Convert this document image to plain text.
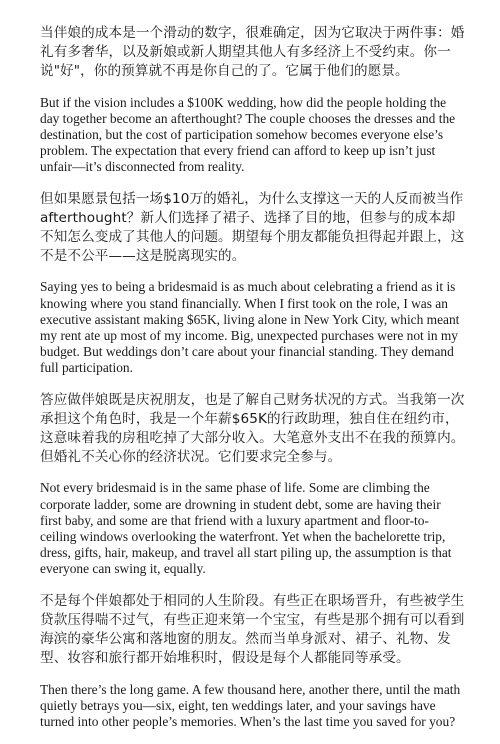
当伴娘的成本是一个滑动的数字，很难确定，因为它取决于两件事：婚礼有多奢华，以及新娘或新人期望其他人有多经济上不受约束。你一说"好"，你的预算就不再是你自己的了。它属于他们的愿景。

But if the vision includes a $100K wedding, how did the people holding the day together become an afterthought? The couple chooses the dresses and the destination, but the cost of participation somehow becomes everyone else’s problem. The expectation that every friend can afford to keep up isn’t just unfair—it’s disconnected from reality.

但如果愿景包括一场$10万的婚礼，为什么支撑这一天的人反而被当作afterthought？新人们选择了裙子、选择了目的地，但参与的成本却不知怎么变成了其他人的问题。期望每个朋友都能负担得起并跟上，这不是不公平——这是脱离现实的。

Saying yes to being a bridesmaid is as much about celebrating a friend as it is knowing where you stand financially. When I first took on the role, I was an executive assistant making $65K, living alone in New York City, which meant my rent ate up most of my income. Big, unexpected purchases were not in my budget. But weddings don’t care about your financial standing. They demand full participation.

答应做伴娘既是庆祝朋友，也是了解自己财务状况的方式。当我第一次承担这个角色时，我是一个年薪$65K的行政助理，独自住在纽约市，这意味着我的房租吃掉了大部分收入。大笔意外支出不在我的预算内。但婚礼不关心你的经济状况。它们要求完全参与。

Not every bridesmaid is in the same phase of life. Some are climbing the corporate ladder, some are drowning in student debt, some are having their first baby, and some are that friend with a luxury apartment and floor-to-ceiling windows overlooking the waterfront. Yet when the bachelorette trip, dress, gifts, hair, makeup, and travel all start piling up, the assumption is that everyone can swing it, equally.

不是每个伴娘都处于相同的人生阶段。有些正在职场晋升，有些被学生贷款压得喘不过气，有些正迎来第一个宝宝，有些是那个拥有可以看到海滨的豪华公寓和落地窗的朋友。然而当单身派对、裙子、礼物、发型、妆容和旅行都开始堆积时，假设是每个人都能同等承受。

Then there’s the long game. A few thousand here, another there, until the math quietly betrays you—six, eight, ten weddings later, and your savings have turned into other people’s memories. When’s the last time you saved for you?
